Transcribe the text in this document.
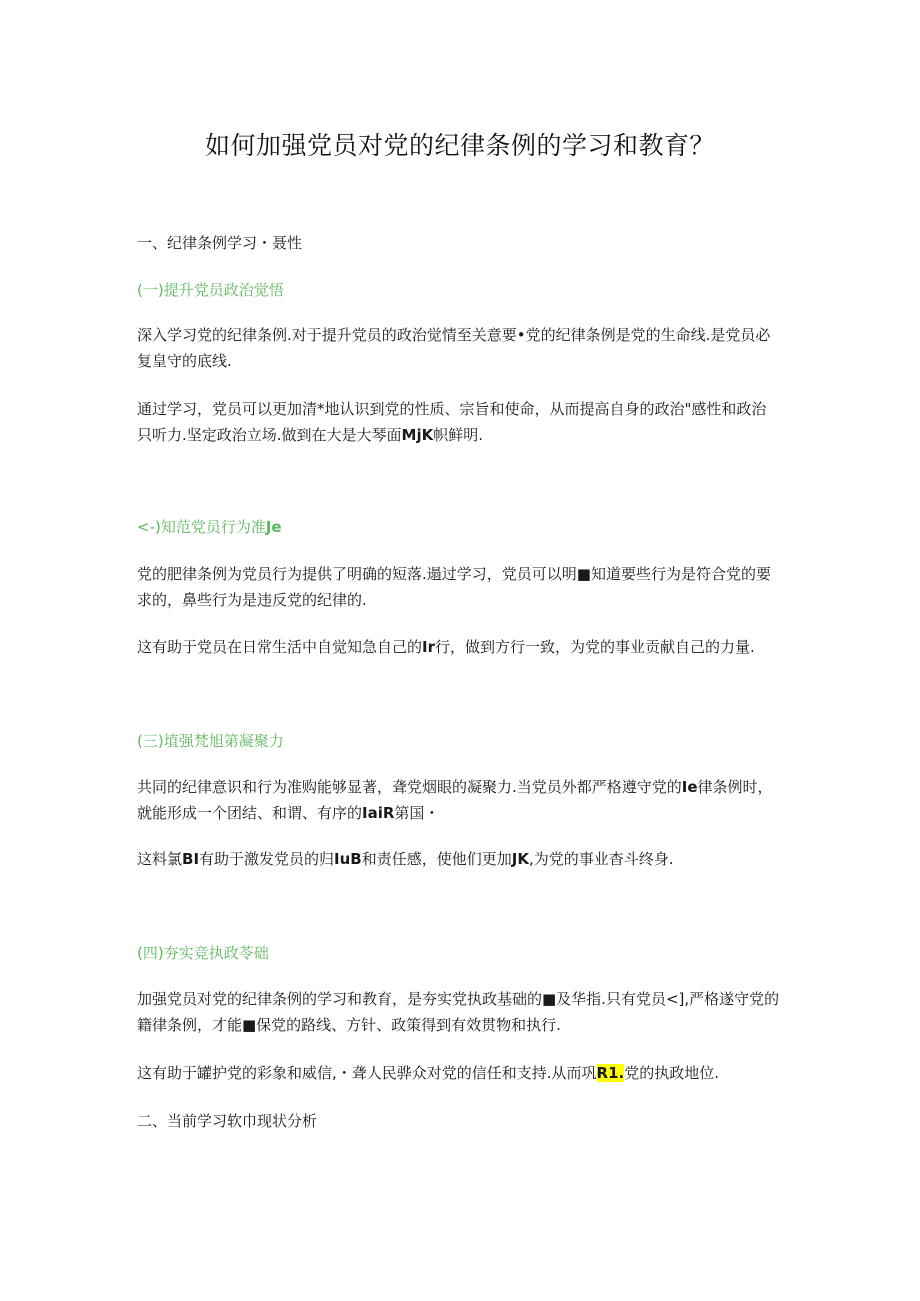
如何加强党员对党的纪律条例的学习和教育？
一、纪律条例学习・聂性
(一)提升党员政治觉悟
深入学习党的纪律条例.对于提升党员的政治觉情至关意要•党的纪律条例是党的生命线.是党员必
复皇守的底线.
通过学习，党员可以更加清*地认识到党的性质、宗旨和使命，从而提高自身的政治"感性和政治
只听力.坚定政治立场.做到在大是大琴面MjK帜鲜明.
<-)知范党员行为准Je
党的肥律条例为党员行为提供了明确的短落.遢过学习，党员可以明■知道要些行为是符合党的要
求的，鼻些行为是违反党的纪律的.
这有助于党员在日常生活中自觉知急自己的Ir行，做到方行一致，为党的事业贡献自己的力量.
(三)埴强梵旭第凝聚力
共同的纪律意识和行为准购能够显著，聋党烟眼的凝聚力.当党员外都严格遵守党的Ie律条例时，
就能形成一个团结、和谓、有序的IaiR第国・
这料氯BI有助于激发党员的归IuB和责任感，使他们更加JK,为党的事业杳斗终身.
(四)夯实竞执政苓础
加强党员对党的纪律条例的学习和教育，是夯实党执政基础的■及华指.只有党员<],严格遂守党的
籍律条例，才能■保党的路线、方针、政策得到有效贯物和执行.
这有助于罐护党的彩象和威信,・聋人民骅众对党的信任和支持.从而巩R1.党的执政地位.
二、当前学习软巾现状分析
